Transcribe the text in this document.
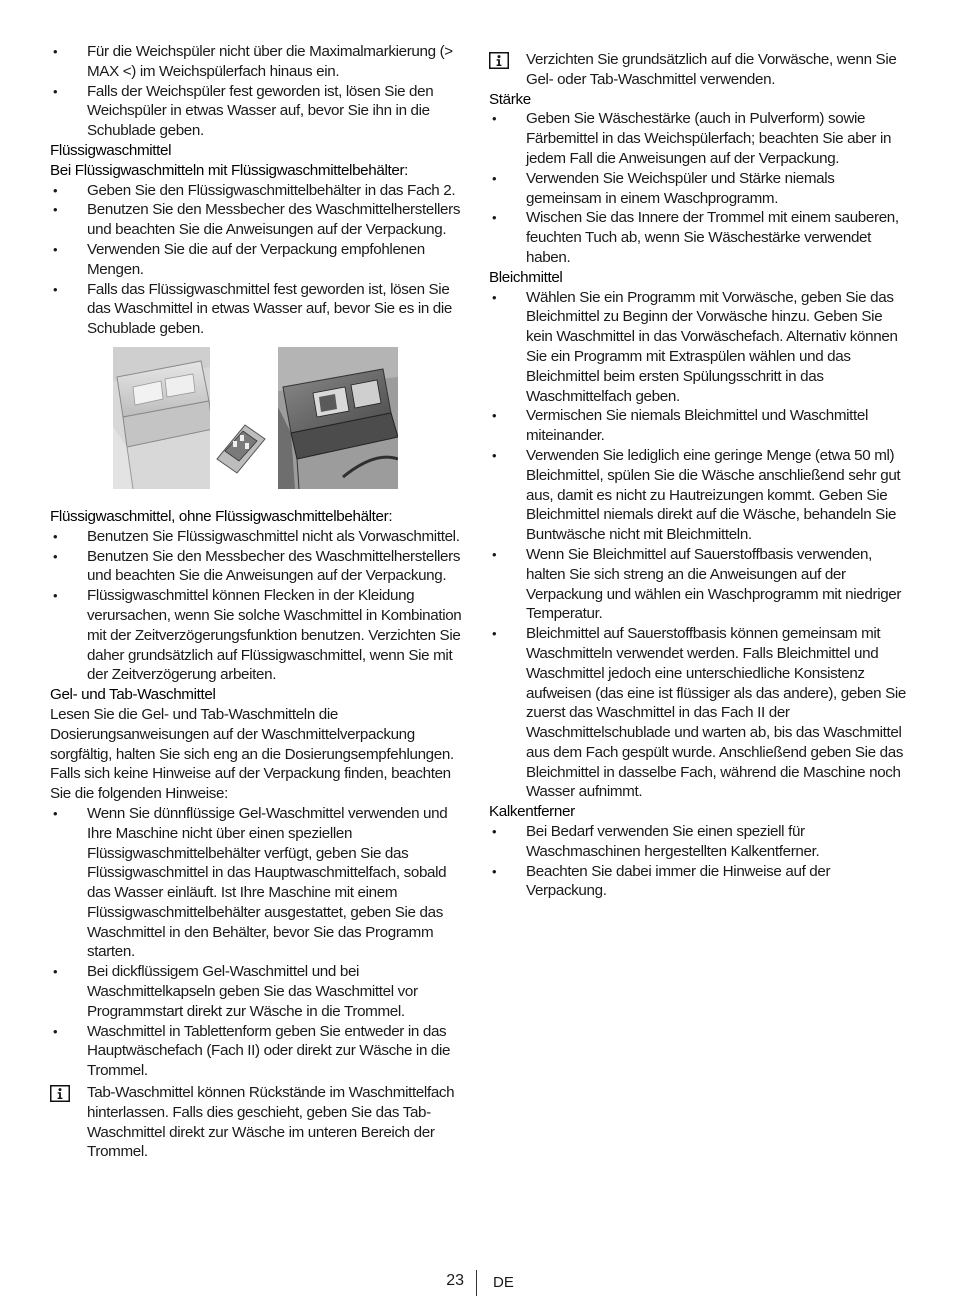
• Für die Weichspüler nicht über die Maximalmarkierung (> MAX <) im Weichspülerfach hinaus ein.
• Falls der Weichspüler fest geworden ist, lösen Sie den Weichspüler in etwas Wasser auf, bevor Sie ihn in die Schublade geben.

Flüssigwaschmittel

Bei Flüssigwaschmitteln mit Flüssigwaschmittelbehälter:

• Geben Sie den Flüssigwaschmittelbehälter in das Fach 2.
• Benutzen Sie den Messbecher des Waschmittelherstellers und beachten Sie die Anweisungen auf der Verpackung.
• Verwenden Sie die auf der Verpackung empfohlenen Mengen.
• Falls das Flüssigwaschmittel fest geworden ist, lösen Sie das Waschmittel in etwas Wasser auf, bevor Sie es in die Schublade geben.

Flüssigwaschmittel, ohne Flüssigwaschmittelbehälter:

• Benutzen Sie Flüssigwaschmittel nicht als Vorwaschmittel.
• Benutzen Sie den Messbecher des Waschmittelherstellers und beachten Sie die Anweisungen auf der Verpackung.
• Flüssigwaschmittel können Flecken in der Kleidung verursachen, wenn Sie solche Waschmittel in Kombination mit der Zeitverzögerungsfunktion benutzen. Verzichten Sie daher grundsätzlich auf Flüssigwaschmittel, wenn Sie mit der Zeitverzögerung arbeiten.

Gel- und Tab-Waschmittel

Lesen Sie die Gel- und Tab-Waschmitteln die Dosierungsanweisungen auf der Waschmittelverpackung sorgfältig, halten Sie sich eng an die Dosierungsempfehlungen. Falls sich keine Hinweise auf der Verpackung finden, beachten Sie die folgenden Hinweise:

• Wenn Sie dünnflüssige Gel-Waschmittel verwenden und Ihre Maschine nicht über einen speziellen Flüssigwaschmittelbehälter verfügt, geben Sie das Flüssigwaschmittel in das Hauptwaschmittelfach, sobald das Wasser einläuft. Ist Ihre Maschine mit einem Flüssigwaschmittelbehälter ausgestattet, geben Sie das Waschmittel in den Behälter, bevor Sie das Programm starten.
• Bei dickflüssigem Gel-Waschmittel und bei Waschmittelkapseln geben Sie das Waschmittel vor Programmstart direkt zur Wäsche in die Trommel.
• Waschmittel in Tablettenform geben Sie entweder in das Hauptwäschefach (Fach II) oder direkt zur Wäsche in die Trommel.
Tab-Waschmittel können Rückstände im Waschmittelfach hinterlassen. Falls dies geschieht, geben Sie das Tab-Waschmittel direkt zur Wäsche im unteren Bereich der Trommel.
Verzichten Sie grundsätzlich auf die Vorwäsche, wenn Sie Gel- oder Tab-Waschmittel verwenden.

Stärke

• Geben Sie Wäschestärke (auch in Pulverform) sowie Färbemittel in das Weichspülerfach; beachten Sie aber in jedem Fall die Anweisungen auf der Verpackung.
• Verwenden Sie Weichspüler und Stärke niemals gemeinsam in einem Waschprogramm.
• Wischen Sie das Innere der Trommel mit einem sauberen, feuchten Tuch ab, wenn Sie Wäschestärke verwendet haben.

Bleichmittel

• Wählen Sie ein Programm mit Vorwäsche, geben Sie das Bleichmittel zu Beginn der Vorwäsche hinzu. Geben Sie kein Waschmittel in das Vorwäschefach. Alternativ können Sie ein Programm mit Extraspülen wählen und das Bleichmittel beim ersten Spülungsschritt in das Waschmittelfach geben.
• Vermischen Sie niemals Bleichmittel und Waschmittel miteinander.
• Verwenden Sie lediglich eine geringe Menge (etwa 50 ml) Bleichmittel, spülen Sie die Wäsche anschließend sehr gut aus, damit es nicht zu Hautreizungen kommt. Geben Sie Bleichmittel niemals direkt auf die Wäsche, behandeln Sie Buntwäsche nicht mit Bleichmitteln.
• Wenn Sie Bleichmittel auf Sauerstoffbasis verwenden, halten Sie sich streng an die Anweisungen auf der Verpackung und wählen ein Waschprogramm mit niedriger Temperatur.
• Bleichmittel auf Sauerstoffbasis können gemeinsam mit Waschmitteln verwendet werden. Falls Bleichmittel und Waschmittel jedoch eine unterschiedliche Konsistenz aufweisen (das eine ist flüssiger als das andere), geben Sie zuerst das Waschmittel in das Fach II der Waschmittelschublade und warten ab, bis das Waschmittel aus dem Fach gespült wurde. Anschließend geben Sie das Bleichmittel in dasselbe Fach, während die Maschine noch Wasser aufnimmt.

Kalkentferner

• Bei Bedarf verwenden Sie einen speziell für Waschmaschinen hergestellten Kalkentferner.
• Beachten Sie dabei immer die Hinweise auf der Verpackung.
23 DE
